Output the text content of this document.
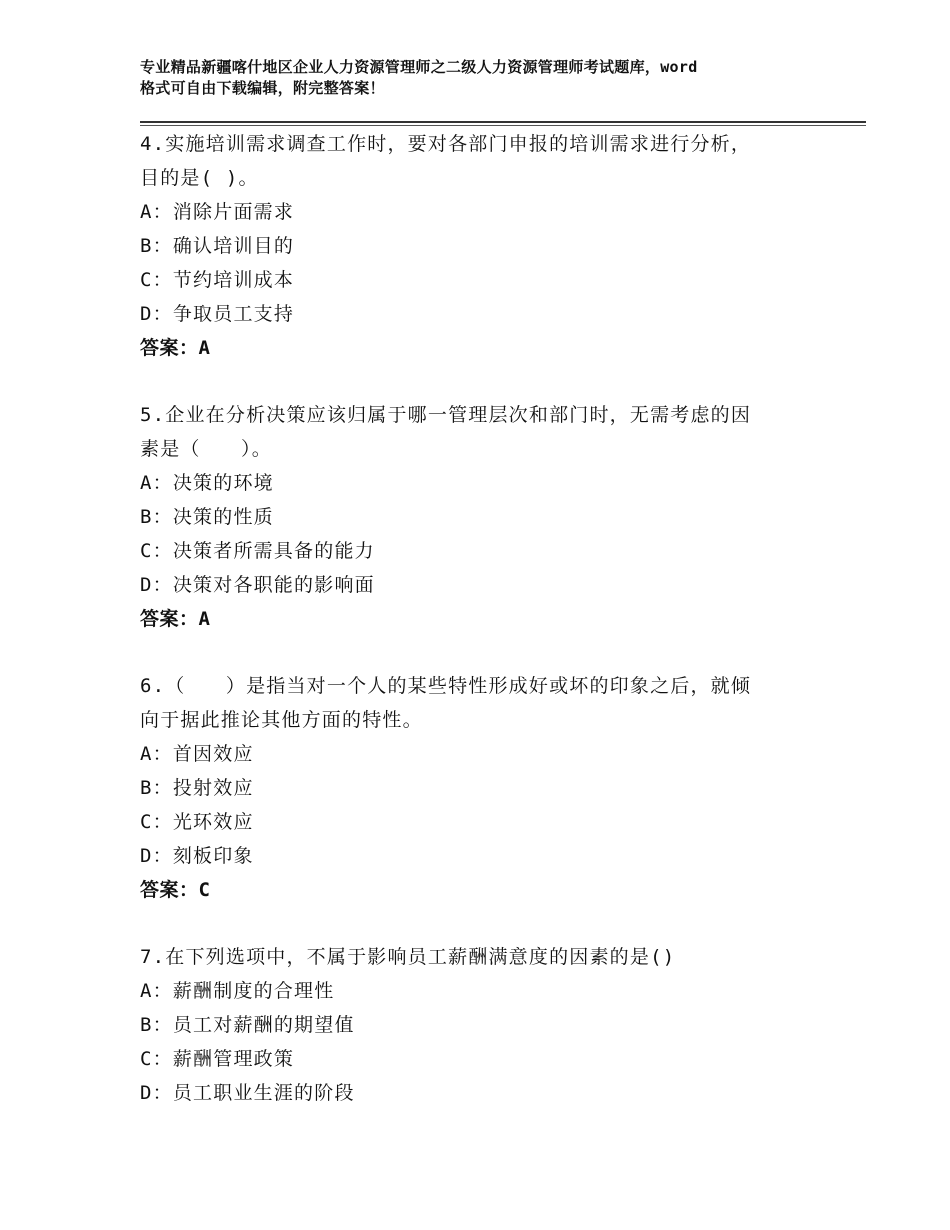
专业精品新疆喀什地区企业人力资源管理师之二级人力资源管理师考试题库，word
格式可自由下载编辑，附完整答案！
4.实施培训需求调查工作时，要对各部门申报的培训需求进行分析，
目的是( )。
A：消除片面需求
B：确认培训目的
C：节约培训成本
D：争取员工支持
答案：A
5.企业在分析决策应该归属于哪一管理层次和部门时，无需考虑的因
素是（　　）。
A：决策的环境
B：决策的性质
C：决策者所需具备的能力
D：决策对各职能的影响面
答案：A
6.（　　）是指当对一个人的某些特性形成好或坏的印象之后，就倾
向于据此推论其他方面的特性。
A：首因效应
B：投射效应
C：光环效应
D：刻板印象
答案：C
7.在下列选项中，不属于影响员工薪酬满意度的因素的是()
A：薪酬制度的合理性
B：员工对薪酬的期望值
C：薪酬管理政策
D：员工职业生涯的阶段
